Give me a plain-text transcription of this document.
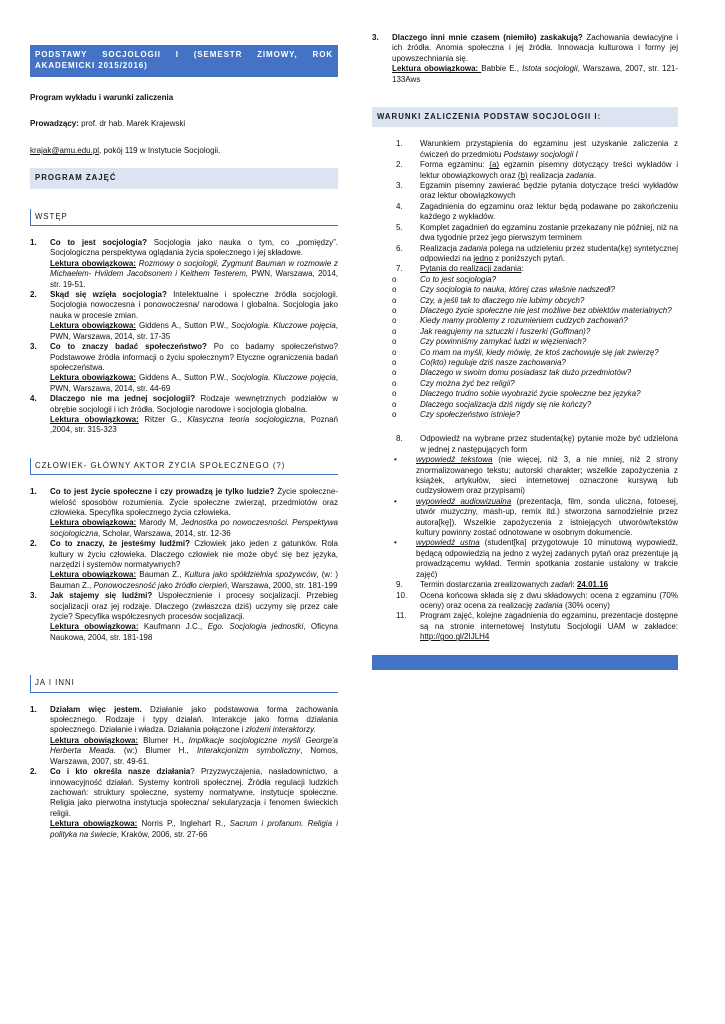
PODSTAWY SOCJOLOGII I (SEMESTR ZIMOWY, ROK AKADEMICKI 2015/2016)
Program wykładu i warunki zaliczenia
Prowadzący: prof. dr hab. Marek Krajewski
krajak@amu.edu.pl, pokój 119 w Instytucie Socjologii.
PROGRAM ZAJĘĆ
WSTĘP
1.	Co to jest socjologia? Socjologia jako nauka o tym, co „pomiędzy”. Socjologiczna perspektywa oglądania życia społecznego i jej składowe.
Lektura obowiązkowa: Rozmowy o socjologii, Zygmunt Bauman w rozmowie z Michaelem- Hviidem Jacobsonem i Keithem Testerem, PWN, Warszawa, 2014, str. 19-51.
2.	Skąd się wzięła socjologia? Intelektualne i społeczne źródła socjologii. Socjologia nowoczesna i ponowoczesna/ narodowa i globalna. Socjologia jako nauka w procesie zmian.
Lektura obowiązkowa: Giddens A., Sutton P.W., Socjologia. Kluczowe pojęcia, PWN, Warszawa, 2014, str. 17-35
3.	Co to znaczy badać społeczeństwo? Po co badamy społeczeństwo? Podstawowe źródła informacji o życiu społecznym? Etyczne ograniczenia badań społeczeństwa.
Lektura obowiązkowa: Giddens A., Sutton P.W., Socjologia. Kluczowe pojęcia, PWN, Warszawa, 2014, str. 44-69
4.	Dlaczego nie ma jednej socjologii? Rodzaje wewnętrznych podziałów w obrębie socjologii i ich źródła. Socjologie narodowe i socjologia globalna.
Lektura obowiązkowa: Ritzer G., Klasyczna teoria socjologiczna, Poznań ,2004, str. 315-323
CZŁOWIEK- GŁÓWNY AKTOR ŻYCIA SPOŁECZNEGO (?)
1.	Co to jest życie społeczne i czy prowadzą je tylko ludzie? Życie społeczne- wielość sposobów rozumienia. Życie społeczne zwierząt, przedmiotów oraz człowieka. Specyfika społecznego życia człowieka.
Lektura obowiązkowa: Marody M, Jednostka po nowoczesności. Perspektywa socjologiczna, Scholar, Warszawa, 2014, str. 12-36
2.	Co to znaczy, że jesteśmy ludźmi? Człowiek jako jeden z gatunków. Rola kultury w życiu człowieka. Dlaczego człowiek nie może obyć się bez języka, narzędzi i systemów normatywnych?
Lektura obowiązkowa: Bauman Z., Kultura jako spółdzielnia spożywców, (w: ) Bauman Z., Ponowoczesność jako źródło cierpień, Warszawa, 2000, str. 181-199
3.	Jak stajemy się ludźmi? Uspołecznienie i procesy socjalizacji. Przebieg socjalizacji oraz jej rodzaje. Dlaczego (zwłaszcza dziś) uczymy się przez całe życie? Specyfika współczesnych procesów socjalizacji.
Lektura obowiązkowa: Kaufmann J.C., Ego. Socjologia jednostki, Oficyna Naukowa, 2004, str. 181-198
JA I INNI
1.	Działam więc jestem. Działanie jako podstawowa forma zachowania społecznego. Rodzaje i typy działań. Interakcje jako forma działania społecznego. Działanie i władza. Działania połączone i złożeni interaktorzy.
Lektura obowiązkowa: Blumer H., Implikacje socjologiczne myśli George'a Herberta Meada. (w:) Blumer H., Interakcjonizm symboliczny, Nomos, Warszawa, 2007, str. 49-61.
2.	Co i kto określa nasze działania? Przyzwyczajenia, nasładownictwo, a innowacyjność działań. Systemy kontroli społecznej. Źródła regulacji ludzkich zachowań: struktury społeczne, systemy normatywne, instytucje społeczne. Religia jako pierwotna instytucja społeczna/ sekularyzacja i fenomen świeckich religii.
Lektura obowiązkowa: Norris P., Inglehart R., Sacrum i profanum. Religia i polityka na świecie, Kraków, 2006, str. 27-66
3.	Dlaczego inni mnie czasem (niemiło) zaskakują? Zachowania dewiacyjne i ich źródła. Anomia społeczna i jej źródła. Innowacja kulturowa i formy jej upowszechniania się.
Lektura obowiązkowa: Babbie E., Istota socjologii, Warszawa, 2007, str. 121-133Aws
WARUNKI ZALICZENIA PODSTAW SOCJOLOGII I:
1.	Warunkiem przystąpienia do egzaminu jest uzyskanie zaliczenia z ćwiczeń do przedmiotu Podstawy socjologii I
2.	Forma egzaminu: (a) egzamin pisemny dotyczący treści wykładów i lektur obowiązkowych oraz (b) realizacja zadania.
3.	Egzamin pisemny zawierać będzie pytania dotyczące treści wykładów oraz lektur obowiązkowych
4.	Zagadnienia do egzaminu oraz lektur będą podawane po zakończeniu każdego z wykładów.
5.	Komplet zagadnień do egzaminu zostanie przekazany nie później, niż na dwa tygodnie przez jego pierwszym terminem
6.	Realizacja zadania polega na udzieleniu przez studenta(kę) syntetycznej odpowiedzi na jedno z poniższych pytań.
7.	Pytania do realizacji zadania:
o	Co to jest socjologia?
o	Czy socjologia to nauka, której czas właśnie nadszedł?
o	Czy, a jeśli tak to dlaczego nie lubimy obcych?
o	Dlaczego życie społeczne nie jest możliwe bez obiektów materialnych?
o	Kiedy mamy problemy z rozumieniem cudzych zachowań?
o	Jak reagujemy na sztuczki i fuszerki (Goffman)?
o	Czy powinniśmy zamykać ludzi w więzieniach?
o	Co mam na myśli, kiedy mówię, że ktoś zachowuje się jak zwierzę?
o	Co(kto) reguluje dziś nasze zachowania?
o	Dlaczego w swoim domu posiadasz tak dużo przedmiotów?
o	Czy można żyć bez religii?
o	Dlaczego trudno sobie wyobrazić życie społeczne bez języka?
o	Dlaczego socjalizacja dziś nigdy się nie kończy?
o	Czy społeczeństwo istnieje?
8.	Odpowiedź na wybrane przez studenta(kę) pytanie może być udzielona w jednej z następujących form
•	wypowiedź tekstowa (nie więcej, niż 3, a nie mniej, niż 2 strony znormalizowanego tekstu; autorski charakter; wszelkie zapożyczenia z książek, artykułów, sieci internetowej oznaczone kursywą lub cudzysłowem oraz przypisami)
•	wypowiedź audiowizualna (prezentacja, film, sonda uliczna, fotoesej, utwór muzyczny, mash-up, remix itd.) stworzona samodzielnie przez autora[kę]). Wszelkie zapożyczenia z istniejących utworów/tekstów kultury powinny zostać odnotowane w osobnym dokumencie.
•	wypowiedź ustna (student[ka] przygotowuje 10 minutową wypowiedź, będącą odpowiedzią na jedno z wyżej zadanych pytań oraz prezentuje ją prowadzącemu wykład. Termin spotkania zostanie ustalony w trakcie zajęć)
9.	Termin dostarczania zrealizowanych zadań: 24.01.16
10.	Ocena końcowa składa się z dwu składowych: ocena z egzaminu (70% oceny) oraz ocena za realizację zadania (30% oceny)
11.	Program zajęć, kolejne zagadnienia do egzaminu, prezentacje dostępne są na stronie internetowej Instytutu Socjologii UAM w zakładce: http://goo.gl/2IJLH4
